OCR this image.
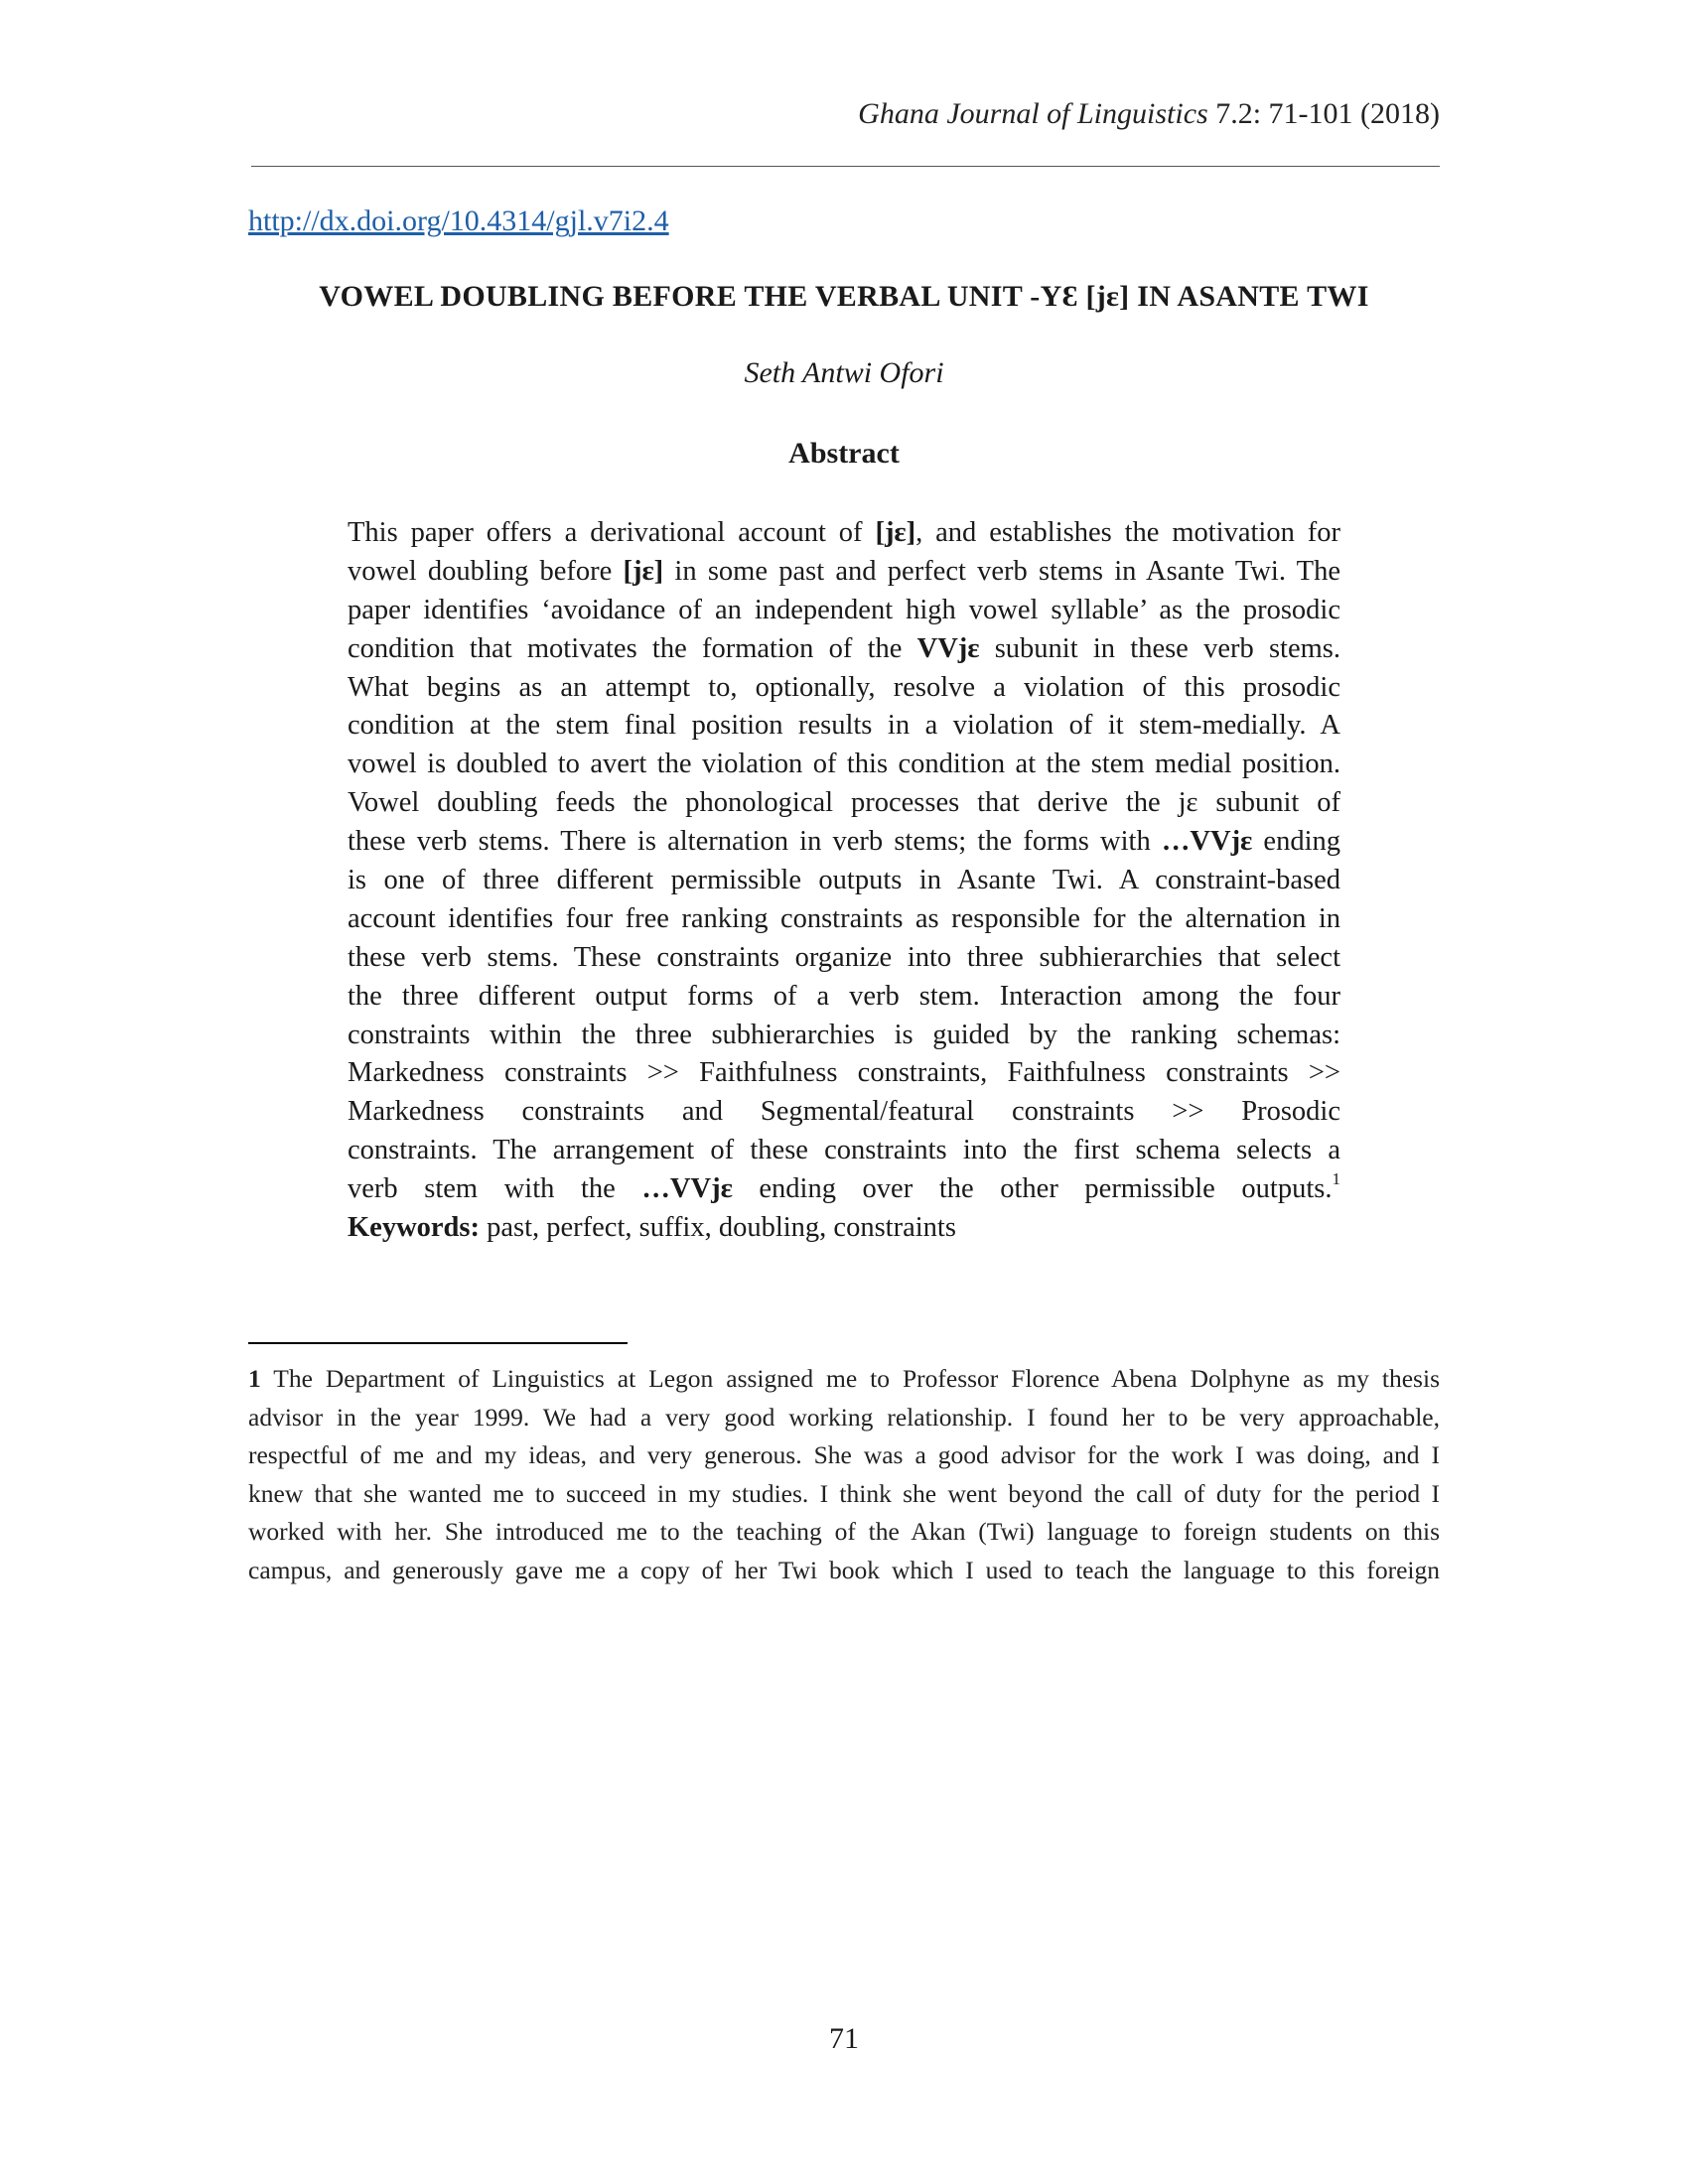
Ghana Journal of Linguistics 7.2: 71-101 (2018)
http://dx.doi.org/10.4314/gjl.v7i2.4
VOWEL DOUBLING BEFORE THE VERBAL UNIT -YƐ [jɛ] IN ASANTE TWI
Seth Antwi Ofori
Abstract
This paper offers a derivational account of [jɛ], and establishes the motivation for
vowel doubling before [jɛ] in some past and perfect verb stems in Asante Twi. The
paper identifies ‘avoidance of an independent high vowel syllable’ as the prosodic
condition that motivates the formation of the VVjɛ subunit in these verb stems.
What begins as an attempt to, optionally, resolve a violation of this prosodic
condition at the stem final position results in a violation of it stem-medially. A
vowel is doubled to avert the violation of this condition at the stem medial position.
Vowel doubling feeds the phonological processes that derive the jɛ subunit of
these verb stems. There is alternation in verb stems; the forms with …VVjɛ ending
is one of three different permissible outputs in Asante Twi. A constraint-based
account identifies four free ranking constraints as responsible for the alternation in
these verb stems. These constraints organize into three subhierarchies that select
the three different output forms of a verb stem. Interaction among the four
constraints within the three subhierarchies is guided by the ranking schemas:
Markedness constraints >> Faithfulness constraints, Faithfulness constraints >>
Markedness constraints and Segmental/featural constraints >> Prosodic
constraints. The arrangement of these constraints into the first schema selects a
verb stem with the …VVjɛ ending over the other permissible outputs.$^1$
Keywords: past, perfect, suffix, doubling, constraints
1 The Department of Linguistics at Legon assigned me to Professor Florence Abena Dolphyne as my thesis
advisor in the year 1999. We had a very good working relationship. I found her to be very approachable,
respectful of me and my ideas, and very generous. She was a good advisor for the work I was doing, and I
knew that she wanted me to succeed in my studies. I think she went beyond the call of duty for the period I
worked with her. She introduced me to the teaching of the Akan (Twi) language to foreign students on this
campus, and generously gave me a copy of her Twi book which I used to teach the language to this foreign
71
